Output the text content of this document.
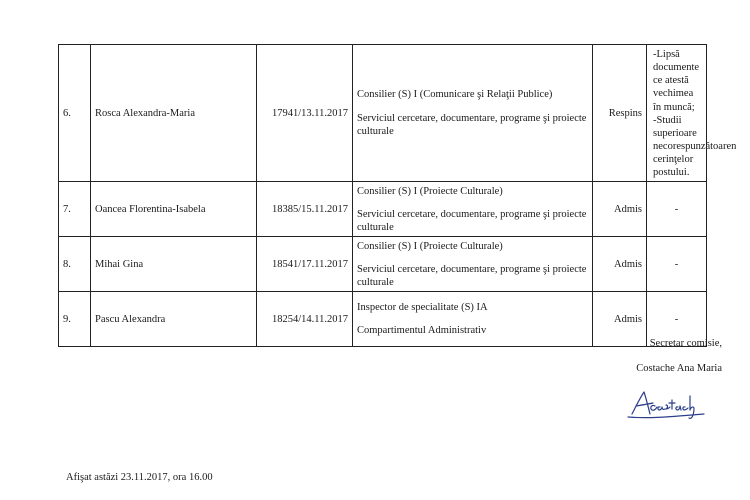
6.	Rosca Alexandra-Maria	17941/13.11.2017	Consilier (S) I (Comunicare şi Relaţii Publice)
Serviciul cercetare, documentare, programe şi proiecte culturale	Respins	-Lipsă documente ce atestă vechimea în muncă;
-Studii superioare necorespunzătoaren cerinţelor postului.

7.	Oancea Florentina-Isabela	18385/15.11.2017	Consilier (S) I (Proiecte Culturale)
Serviciul cercetare, documentare, programe şi proiecte culturale	Admis	-
8.	Mihai Gina	18541/17.11.2017	Consilier (S) I (Proiecte Culturale)
Serviciul cercetare, documentare, programe şi proiecte culturale	Admis	-
9.	Pascu Alexandra	18254/14.11.2017	Inspector de specialitate (S) IA
Compartimentul Administrativ	Admis	-
Secretar comisie,
Costache Ana Maria
Afişat astăzi 23.11.2017, ora 16.00
